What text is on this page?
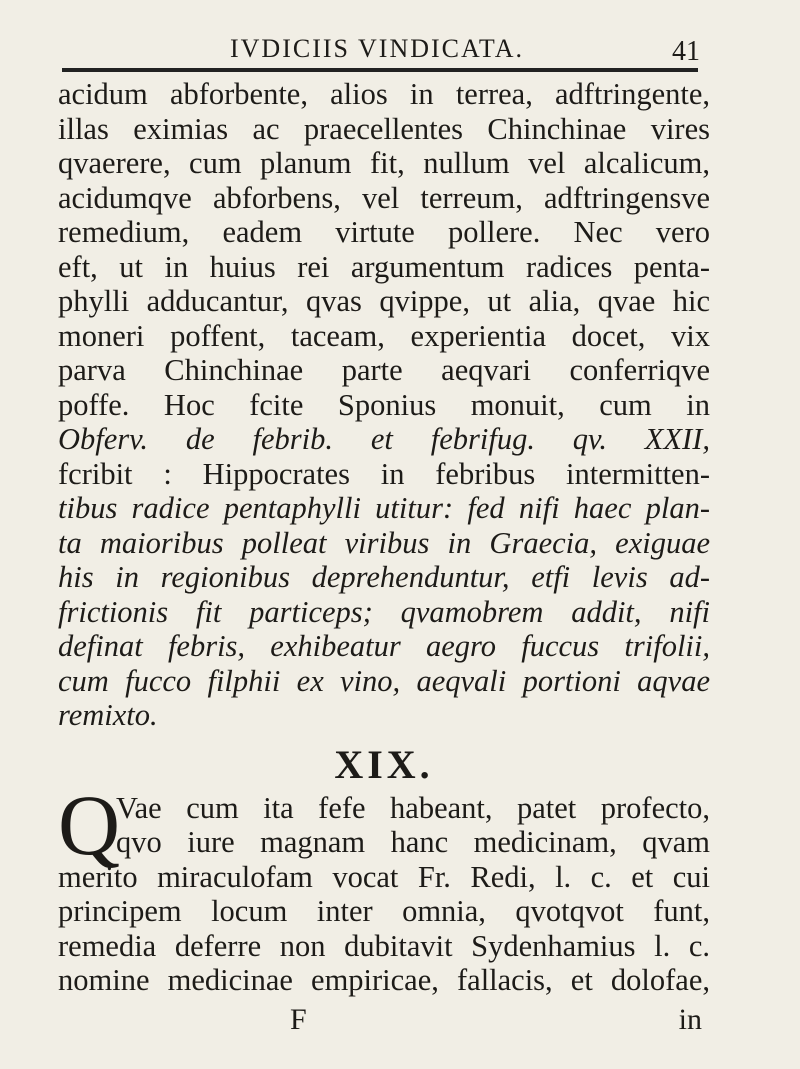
IVDICIIS VINDICATA.	41
acidum abforbente, alios in terrea, adftringente,
illas eximias ac praecellentes Chinchinae vires
qvaerere, cum planum fit, nullum vel alcalicum,
acidumqve abforbens, vel terreum, adftringensve
remedium, eadem virtute pollere. Nec vero
eft, ut in huius rei argumentum radices penta-
phylli adducantur, qvas qvippe, ut alia, qvae hic
moneri poffent, taceam, experientia docet, vix
parva Chinchinae parte aeqvari conferriqve
poffe. Hoc fcite Sponius monuit, cum in
Obferv. de febrib. et febrifug. qv. XXII,
fcribit : Hippocrates in febribus intermitten-
tibus radice pentaphylli utitur: fed nifi haec plan-
ta maioribus polleat viribus in Graecia, exiguae
his in regionibus deprehenduntur, etfi levis ad-
frictionis fit particeps; qvamobrem addit, nifi
definat febris, exhibeatur aegro fuccus trifolii,
cum fucco filphii ex vino, aeqvali portioni aqvae
remixto.
XIX.
Q
Vae cum ita fefe habeant, patet profecto,
qvo iure magnam hanc medicinam, qvam
merito miraculofam vocat Fr. Redi, l. c. et cui
principem locum inter omnia, qvotqvot funt,
remedia deferre non dubitavit Sydenhamius l. c.
nomine medicinae empiricae, fallacis, et dolofae,
F	in
